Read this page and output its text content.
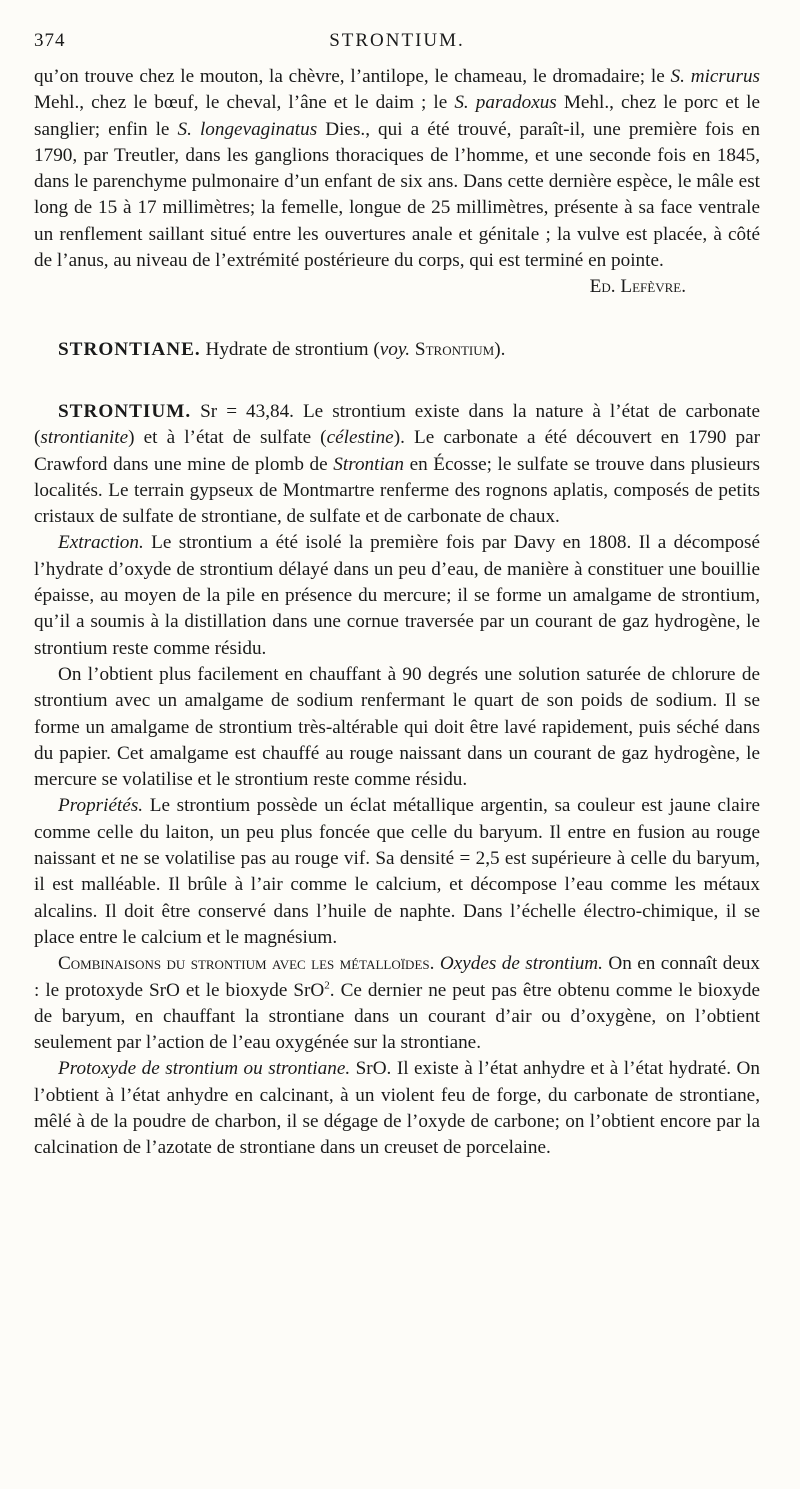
374	STRONTIUM.

qu’on trouve chez le mouton, la chèvre, l’antilope, le chameau, le dromadaire; le S. micrurus Mehl., chez le bœuf, le cheval, l’âne et le daim ; le S. paradoxus Mehl., chez le porc et le sanglier; enfin le S. longevaginatus Dies., qui a été trouvé, paraît-il, une première fois en 1790, par Treutler, dans les ganglions thoraciques de l’homme, et une seconde fois en 1845, dans le parenchyme pulmonaire d’un enfant de six ans. Dans cette dernière espèce, le mâle est long de 15 à 17 millimètres; la femelle, longue de 25 millimètres, présente à sa face ventrale un renflement saillant situé entre les ouvertures anale et génitale ; la vulve est placée, à côté de l’anus, au niveau de l’extrémité postérieure du corps, qui est terminé en pointe.
Ed. Lefèvre.

STRONTIANE. Hydrate de strontium (voy. Strontium).

STRONTIUM. Sr = 43,84. Le strontium existe dans la nature à l’état de carbonate (strontianite) et à l’état de sulfate (célestine). Le carbonate a été découvert en 1790 par Crawford dans une mine de plomb de Strontian en Écosse; le sulfate se trouve dans plusieurs localités. Le terrain gypseux de Montmartre renferme des rognons aplatis, composés de petits cristaux de sulfate de strontiane, de sulfate et de carbonate de chaux.

Extraction. Le strontium a été isolé la première fois par Davy en 1808. Il a décomposé l’hydrate d’oxyde de strontium délayé dans un peu d’eau, de manière à constituer une bouillie épaisse, au moyen de la pile en présence du mercure; il se forme un amalgame de strontium, qu’il a soumis à la distillation dans une cornue traversée par un courant de gaz hydrogène, le strontium reste comme résidu.

On l’obtient plus facilement en chauffant à 90 degrés une solution saturée de chlorure de strontium avec un amalgame de sodium renfermant le quart de son poids de sodium. Il se forme un amalgame de strontium très-altérable qui doit être lavé rapidement, puis séché dans du papier. Cet amalgame est chauffé au rouge naissant dans un courant de gaz hydrogène, le mercure se volatilise et le strontium reste comme résidu.

Propriétés. Le strontium possède un éclat métallique argentin, sa couleur est jaune claire comme celle du laiton, un peu plus foncée que celle du baryum. Il entre en fusion au rouge naissant et ne se volatilise pas au rouge vif. Sa densité = 2,5 est supérieure à celle du baryum, il est malléable. Il brûle à l’air comme le calcium, et décompose l’eau comme les métaux alcalins. Il doit être conservé dans l’huile de naphte. Dans l’échelle électro-chimique, il se place entre le calcium et le magnésium.

Combinaisons du strontium avec les métalloïdes. Oxydes de strontium. On en connaît deux : le protoxyde SrO et le bioxyde SrO$^2$. Ce dernier ne peut pas être obtenu comme le bioxyde de baryum, en chauffant la strontiane dans un courant d’air ou d’oxygène, on l’obtient seulement par l’action de l’eau oxygénée sur la strontiane.

Protoxyde de strontium ou strontiane. SrO. Il existe à l’état anhydre et à l’état hydraté. On l’obtient à l’état anhydre en calcinant, à un violent feu de forge, du carbonate de strontiane, mêlé à de la poudre de charbon, il se dégage de l’oxyde de carbone; on l’obtient encore par la calcination de l’azotate de strontiane dans un creuset de porcelaine.
